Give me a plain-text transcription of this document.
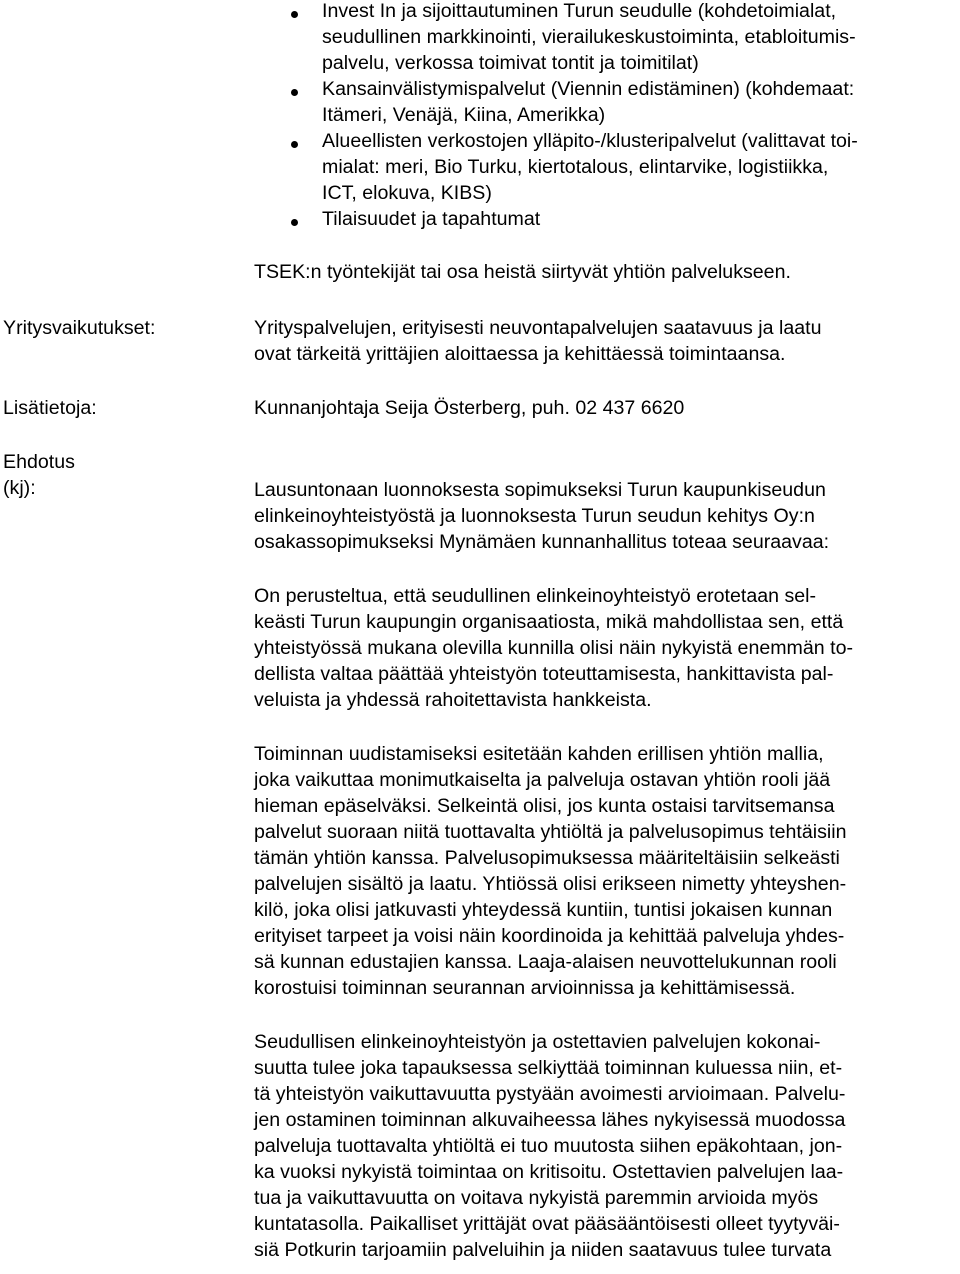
Invest In ja sijoittautuminen Turun seudulle (kohdetoimialat,
seudullinen markkinointi, vierailukeskustoiminta, etabloitumis-
palvelu, verkossa toimivat tontit ja toimitilat)
Kansainvälistymispalvelut (Viennin edistäminen) (kohdemaat:
Itämeri, Venäjä, Kiina, Amerikka)
Alueellisten verkostojen ylläpito-/klusteripalvelut (valittavat toi-
mialat: meri, Bio Turku, kiertotalous, elintarvike, logistiikka,
ICT, elokuva, KIBS)
Tilaisuudet ja tapahtumat
TSEK:n työntekijät tai osa heistä siirtyvät yhtiön palvelukseen.
Yritysvaikutukset:	Yrityspalvelujen, erityisesti neuvontapalvelujen saatavuus ja laatu
ovat tärkeitä yrittäjien aloittaessa ja kehittäessä toimintaansa.
Lisätietoja:	Kunnanjohtaja Seija Österberg, puh. 02 437 6620
Ehdotus
(kj):	Lausuntonaan luonnoksesta sopimukseksi Turun kaupunkiseudun
elinkeinoyhteistyöstä ja luonnoksesta Turun seudun kehitys Oy:n
osakassopimukseksi Mynämäen kunnanhallitus toteaa seuraavaa:
On perusteltua, että seudullinen elinkeinoyhteistyö erotetaan sel-
keästi Turun kaupungin organisaatiosta, mikä mahdollistaa sen, että
yhteistyössä mukana olevilla kunnilla olisi näin nykyistä enemmän to-
dellista valtaa päättää yhteistyön toteuttamisesta, hankittavista pal-
veluista ja yhdessä rahoitettavista hankkeista.
Toiminnan uudistamiseksi esitetään kahden erillisen yhtiön mallia,
joka vaikuttaa monimutkaiselta ja palveluja ostavan yhtiön rooli jää
hieman epäselväksi. Selkeintä olisi, jos kunta ostaisi tarvitsemansa
palvelut suoraan niitä tuottavalta yhtiöltä ja palvelusopimus tehtäisiin
tämän yhtiön kanssa. Palvelusopimuksessa määriteltäisiin selkeästi
palvelujen sisältö ja laatu. Yhtiössä olisi erikseen nimetty yhteyshen-
kilö, joka olisi jatkuvasti yhteydessä kuntiin, tuntisi jokaisen kunnan
erityiset tarpeet ja voisi näin koordinoida ja kehittää palveluja yhdes-
sä kunnan edustajien kanssa. Laaja-alaisen neuvottelukunnan rooli
korostuisi toiminnan seurannan arvioinnissa ja kehittämisessä.
Seudullisen elinkeinoyhteistyön ja ostettavien palvelujen kokonai-
suutta tulee joka tapauksessa selkiyttää toiminnan kuluessa niin, et-
tä yhteistyön vaikuttavuutta pystyään avoimesti arvioimaan. Palvelu-
jen ostaminen toiminnan alkuvaiheessa lähes nykyisessä muodossa
palveluja tuottavalta yhtiöltä ei tuo muutosta siihen epäkohtaan, jon-
ka vuoksi nykyistä toimintaa on kritisoitu. Ostettavien palvelujen laa-
tua ja vaikuttavuutta on voitava nykyistä paremmin arvioida myös
kuntatasolla. Paikalliset yrittäjät ovat pääsääntöisesti olleet tyytyväi-
siä Potkurin tarjoamiin palveluihin ja niiden saatavuus tulee turvata
